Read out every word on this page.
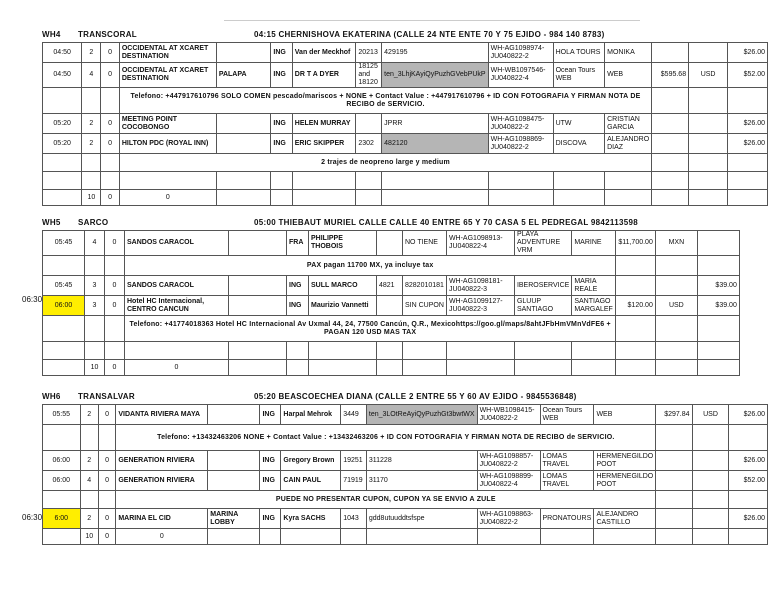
WH4 TRANSCORAL	04:15 CHERNISHOVA EKATERINA (CALLE 24 NTE ENTE 70 Y 75 EJIDO - 984 140 8783)
04:50	2	0	OCCIDENTAL AT XCARET DESTINATION		ING	Van der Meckhof	20213	429195	WH-AG1098974-JU040822-2	HOLA TOURS	MONIKA			$26.00
04:50	4	0	OCCIDENTAL AT XCARET DESTINATION	PALAPA	ING	DR T A DYER	18125 and 18120	ten_3LhjKAyiQyPuzhGVebPUkP	WH-WB1097546-JU040822-4	Ocean Tours WEB	WEB	$595.68	USD	$52.00
			Telefono: +447917610796 SOLO COMEN pescado/mariscos + NONE + Contact Value : +447917610796 + ID CON FOTOGRAFIA Y FIRMAN NOTA DE RECIBO de SERVICIO.											
05:20	2	0	MEETING POINT COCOBONGO		ING	HELEN MURRAY		JPRR	WH-AG1098475-JU040822-2	UTW	CRISTIAN GARCIA			$26.00
05:20	2	0	HILTON PDC (ROYAL INN)		ING	ERIC SKIPPER	2302	482120	WH-AG1098869-JU040822-2	DISCOVA	ALEJANDRO DIAZ			$26.00
			2 trajes de neopreno large y medium											

	10	0	0											
WH5 SARCO	05:00 THIEBAUT MURIEL CALLE CALLE 40 ENTRE 65 Y 70 CASA 5 EL PEDREGAL 9842113598
06:30
05:45	4	0	SANDOS CARACOL		FRA	PHILIPPE THOBOIS		NO TIENE	WH-AG1098913-JU040822-4	PLAYA ADVENTURE VRM	MARINE	$11,700.00	MXN	
			PAX pagan 11700 MX, ya incluye tax											
05:45	3	0	SANDOS CARACOL		ING	SULL MARCO	4821	8282010181	WH-AG1098181-JU040822-3	IBEROSERVICE	MARIA REALE			$39.00
06:00	3	0	Hotel HC Internacional, CENTRO CANCUN		ING	Maurizio Vannetti		SIN CUPON	WH-AG1099127-JU040822-3	GLUUP SANTIAGO	SANTIAGO MARGALEF	$120.00	USD	$39.00
			Telefono: +41774018363 Hotel HC Internacional Av Uxmal 44, 24, 77500 Cancún, Q.R., Mexicohttps://goo.gl/maps/8ahtJFbHmVMnVdFE6 + PAGAN 120 USD MAS TAX											

	10	0	0											
WH6 TRANSALVAR	05:20 BEASCOECHEA DIANA (CALLE 2 ENTRE 55 Y 60 AV EJIDO - 9845536848)
06:30
05:55	2	0	VIDANTA RIVIERA MAYA		ING	Harpal Mehrok	3449	ten_3LOtReAyiQyPuzhGt3bwtWX	WH-WB1098415-JU040822-2	Ocean Tours WEB	WEB	$297.84	USD	$26.00
			Telefono: +13432463206 NONE + Contact Value : +13432463206 + ID CON FOTOGRAFIA Y FIRMAN NOTA DE RECIBO de SERVICIO.											
06:00	2	0	GENERATION RIVIERA		ING	Gregory Brown	19251	311228	WH-AG1098857-JU040822-2	LOMAS TRAVEL	HERMENEGILDO POOT			$26.00
06:00	4	0	GENERATION RIVIERA		ING	CAIN PAUL	71919	31170	WH-AG1098899-JU040822-4	LOMAS TRAVEL	HERMENEGILDO POOT			$52.00
			PUEDE NO PRESENTAR CUPON, CUPON YA SE ENVIO A ZULE											
6:00	2	0	MARINA EL CID	MARINA LOBBY	ING	Kyra SACHS	1043	gdd8utuuddtsfspe	WH-AG1098863-JU040822-2	PRONATOURS	ALEJANDRO CASTILLO			$26.00
	10	0	0											
